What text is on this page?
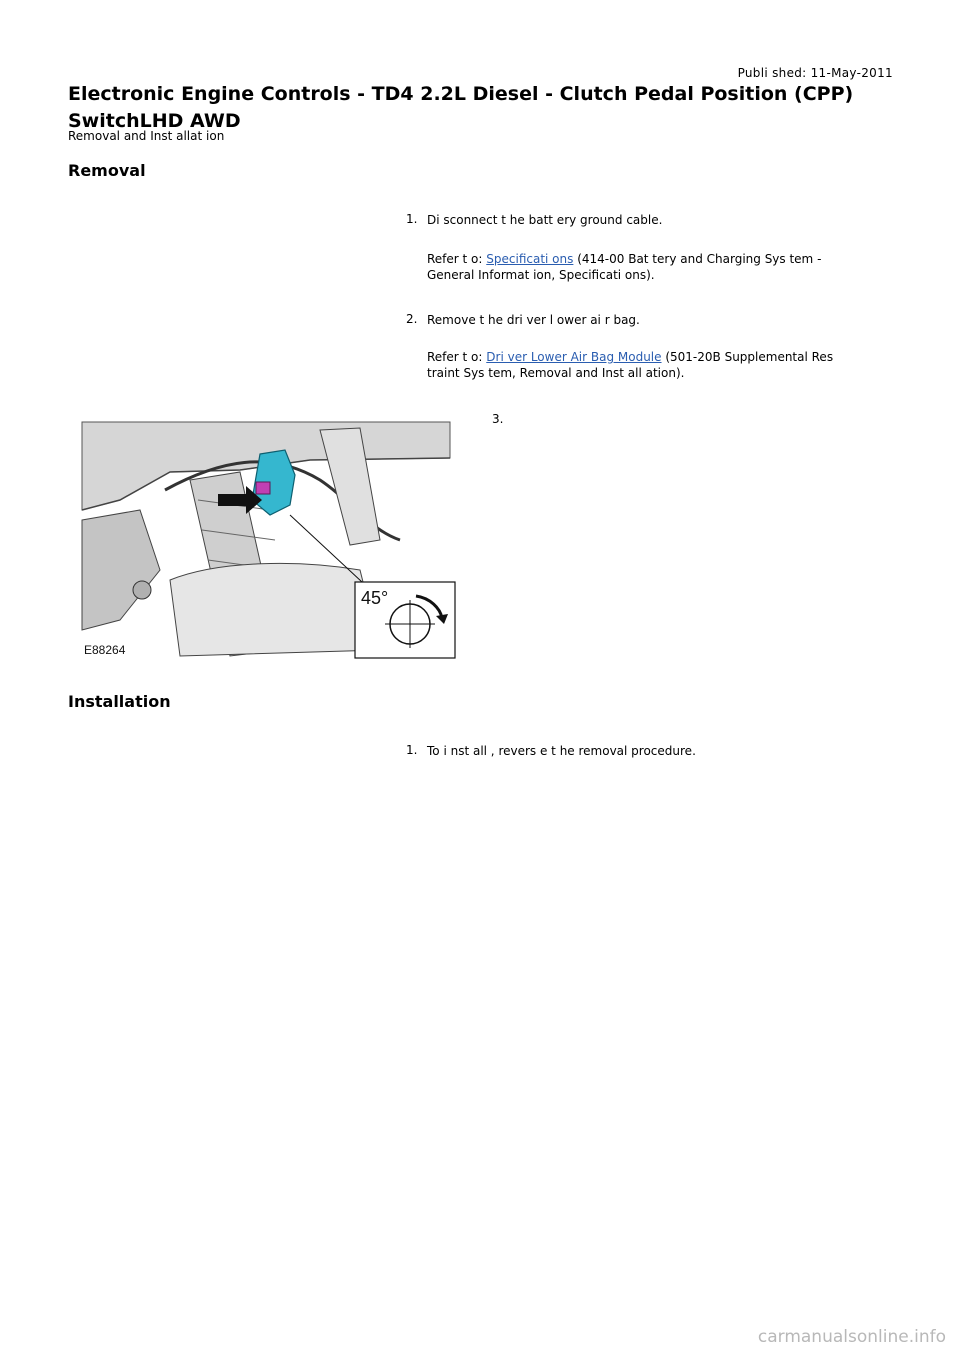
Publi shed: 11-May-2011
Electronic Engine Controls - TD4 2.2L Diesel - Clutch Pedal Position (CPP) SwitchLHD AWD
Removal and Inst allat ion
Removal
1. Di sconnect t he batt ery ground cable.
Refer t o: Specificati ons (414-00 Bat tery and Charging Sys tem - General Informat ion, Specificati ons).
2. Remove t he dri ver l ower ai r bag.
Refer t o: Dri ver Lower Air Bag Module (501-20B Supplemental Res traint Sys tem, Removal and Inst all ation).
3.
45°
E88264
Installation
1. To i nst all , revers e t he removal procedure.
carmanualsonline.info
